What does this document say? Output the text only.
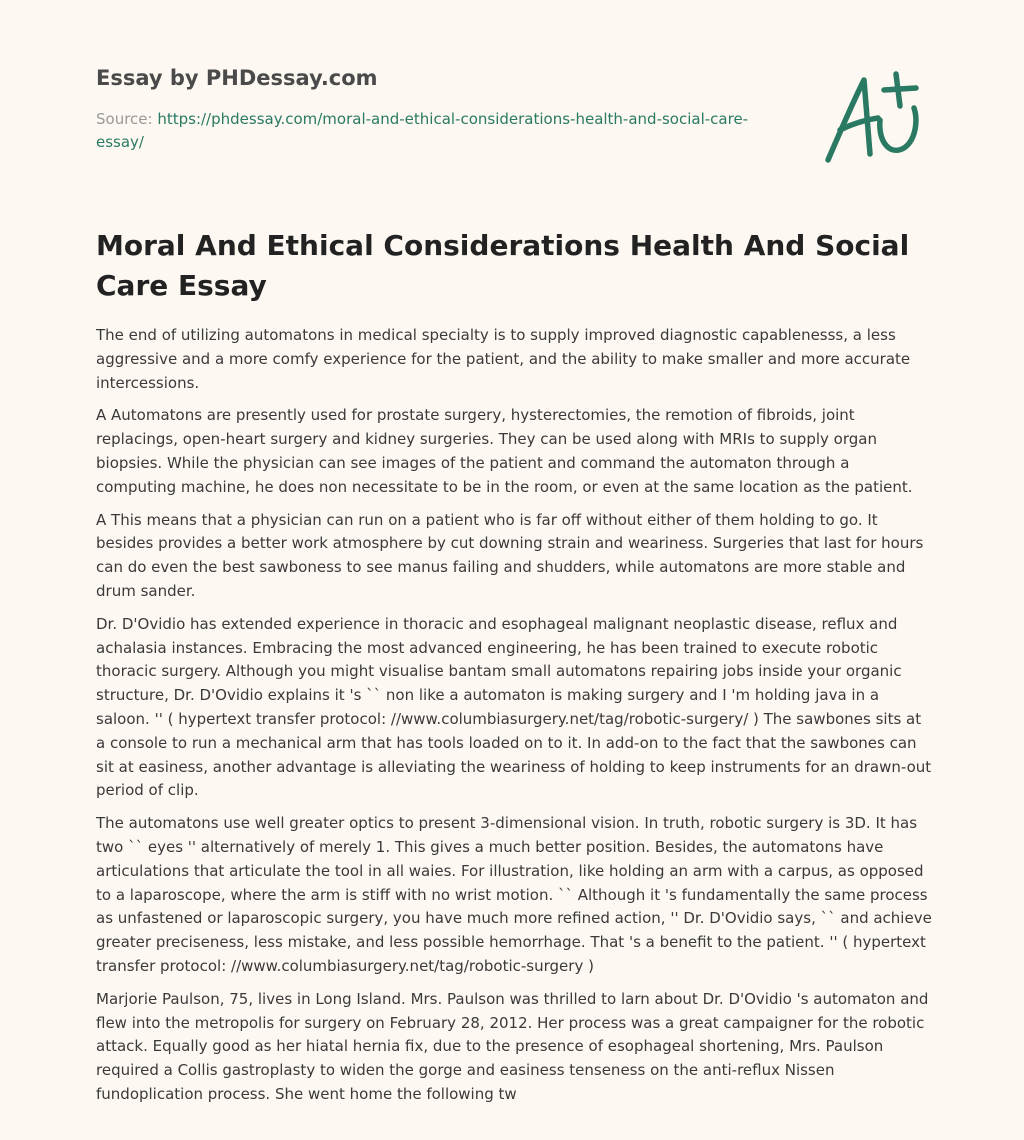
Essay by PHDessay.com
Source: https://phdessay.com/moral-and-ethical-considerations-health-and-social-care-essay/
Moral And Ethical Considerations Health And Social Care Essay

The end of utilizing automatons in medical specialty is to supply improved diagnostic capablenesss, a less aggressive and a more comfy experience for the patient, and the ability to make smaller and more accurate intercessions.

A Automatons are presently used for prostate surgery, hysterectomies, the remotion of fibroids, joint replacings, open-heart surgery and kidney surgeries. They can be used along with MRIs to supply organ biopsies. While the physician can see images of the patient and command the automaton through a computing machine, he does non necessitate to be in the room, or even at the same location as the patient.

A This means that a physician can run on a patient who is far off without either of them holding to go. It besides provides a better work atmosphere by cut downing strain and weariness. Surgeries that last for hours can do even the best sawboness to see manus failing and shudders, while automatons are more stable and drum sander.

Dr. D'Ovidio has extended experience in thoracic and esophageal malignant neoplastic disease, reflux and achalasia instances. Embracing the most advanced engineering, he has been trained to execute robotic thoracic surgery. Although you might visualise bantam small automatons repairing jobs inside your organic structure, Dr. D'Ovidio explains it 's `` non like a automaton is making surgery and I 'm holding java in a saloon. '' ( hypertext transfer protocol: //www.columbiasurgery.net/tag/robotic-surgery/ ) The sawbones sits at a console to run a mechanical arm that has tools loaded on to it. In add-on to the fact that the sawbones can sit at easiness, another advantage is alleviating the weariness of holding to keep instruments for an drawn-out period of clip.

The automatons use well greater optics to present 3-dimensional vision. In truth, robotic surgery is 3D. It has two `` eyes '' alternatively of merely 1. This gives a much better position. Besides, the automatons have articulations that articulate the tool in all waies. For illustration, like holding an arm with a carpus, as opposed to a laparoscope, where the arm is stiff with no wrist motion. `` Although it 's fundamentally the same process as unfastened or laparoscopic surgery, you have much more refined action, '' Dr. D'Ovidio says, `` and achieve greater preciseness, less mistake, and less possible hemorrhage. That 's a benefit to the patient. '' ( hypertext transfer protocol: //www.columbiasurgery.net/tag/robotic-surgery )

Marjorie Paulson, 75, lives in Long Island. Mrs. Paulson was thrilled to larn about Dr. D'Ovidio 's automaton and flew into the metropolis for surgery on February 28, 2012. Her process was a great campaigner for the robotic attack. Equally good as her hiatal hernia fix, due to the presence of esophageal shortening, Mrs. Paulson required a Collis gastroplasty to widen the gorge and easiness tenseness on the anti-reflux Nissen fundoplication process. She went home the following tw
